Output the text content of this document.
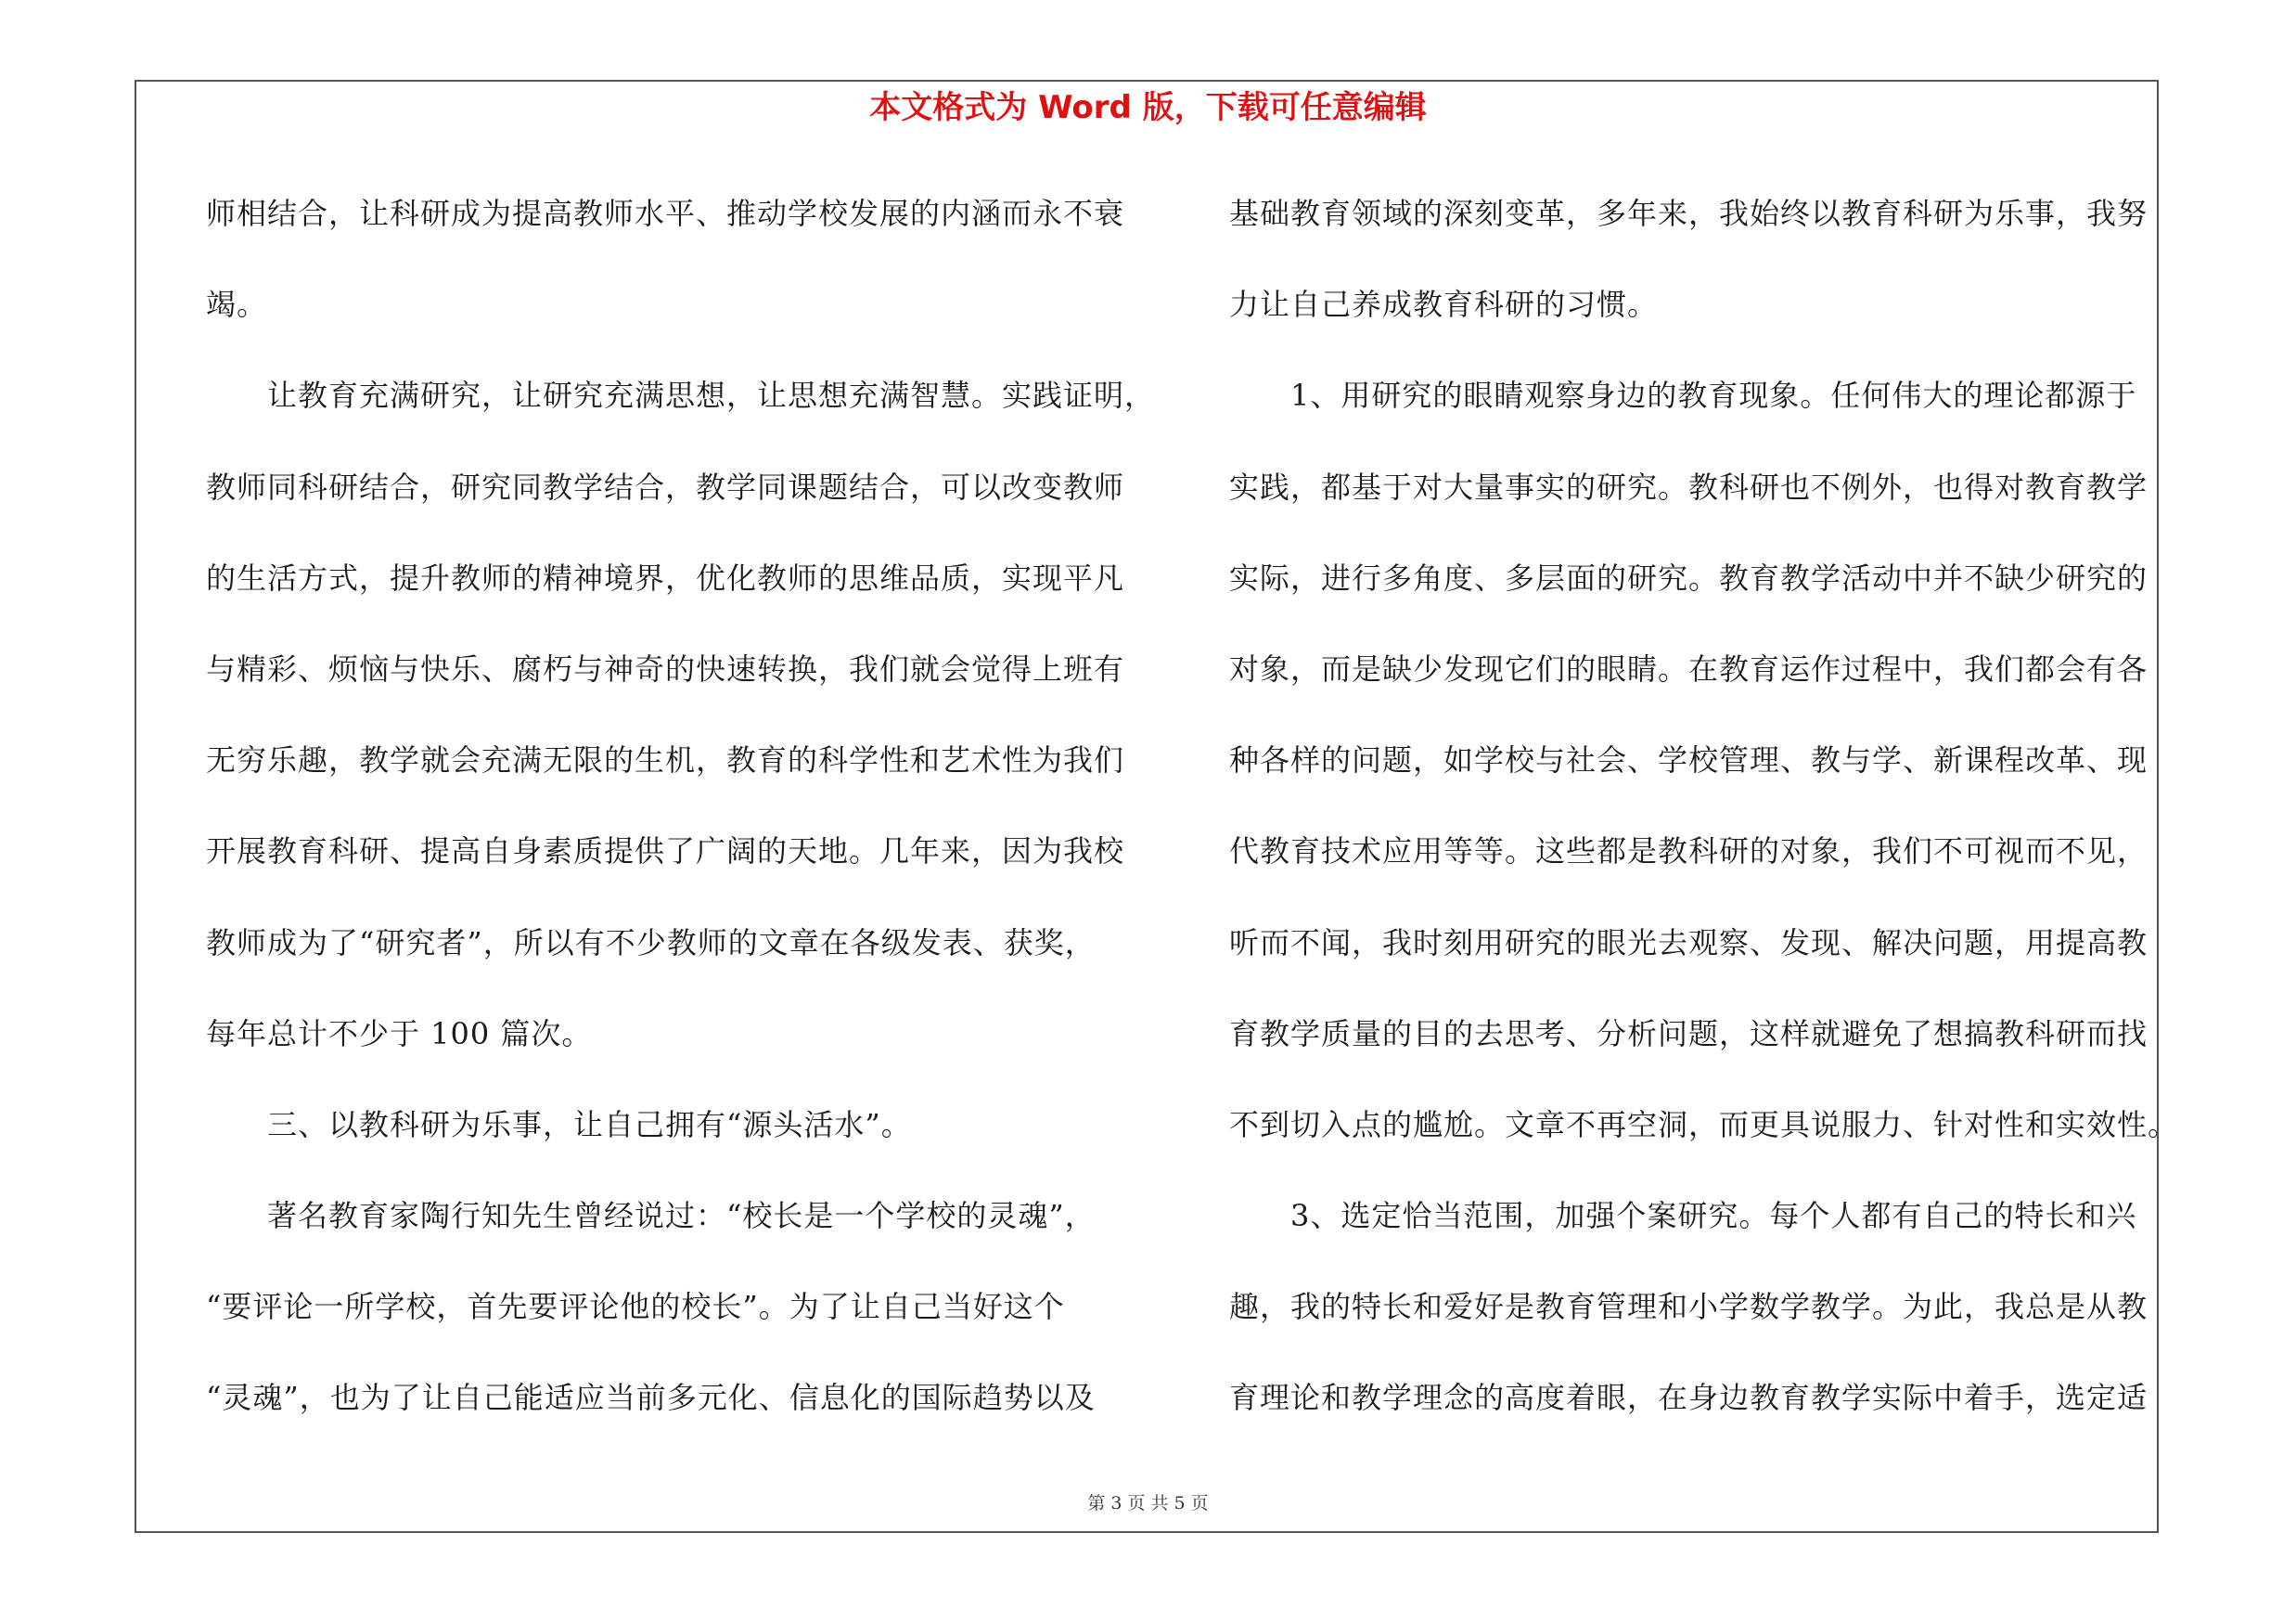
本文格式为 Word 版，下载可任意编辑
师相结合，让科研成为提高教师水平、推动学校发展的内涵而永不衰
竭。
　　让教育充满研究，让研究充满思想，让思想充满智慧。实践证明，
教师同科研结合，研究同教学结合，教学同课题结合，可以改变教师
的生活方式，提升教师的精神境界，优化教师的思维品质，实现平凡
与精彩、烦恼与快乐、腐朽与神奇的快速转换，我们就会觉得上班有
无穷乐趣，教学就会充满无限的生机，教育的科学性和艺术性为我们
开展教育科研、提高自身素质提供了广阔的天地。几年来，因为我校
教师成为了“研究者”，所以有不少教师的文章在各级发表、获奖，
每年总计不少于 100 篇次。
　　三、以教科研为乐事，让自己拥有“源头活水”。
　　著名教育家陶行知先生曾经说过：“校长是一个学校的灵魂”，
“要评论一所学校，首先要评论他的校长”。为了让自己当好这个
“灵魂”，也为了让自己能适应当前多元化、信息化的国际趋势以及
基础教育领域的深刻变革，多年来，我始终以教育科研为乐事，我努
力让自己养成教育科研的习惯。
　　1、用研究的眼睛观察身边的教育现象。任何伟大的理论都源于
实践，都基于对大量事实的研究。教科研也不例外，也得对教育教学
实际，进行多角度、多层面的研究。教育教学活动中并不缺少研究的
对象，而是缺少发现它们的眼睛。在教育运作过程中，我们都会有各
种各样的问题，如学校与社会、学校管理、教与学、新课程改革、现
代教育技术应用等等。这些都是教科研的对象，我们不可视而不见，
听而不闻，我时刻用研究的眼光去观察、发现、解决问题，用提高教
育教学质量的目的去思考、分析问题，这样就避免了想搞教科研而找
不到切入点的尴尬。文章不再空洞，而更具说服力、针对性和实效性。
　　3、选定恰当范围，加强个案研究。每个人都有自己的特长和兴
趣，我的特长和爱好是教育管理和小学数学教学。为此，我总是从教
育理论和教学理念的高度着眼，在身边教育教学实际中着手，选定适
第 3 页 共 5 页
